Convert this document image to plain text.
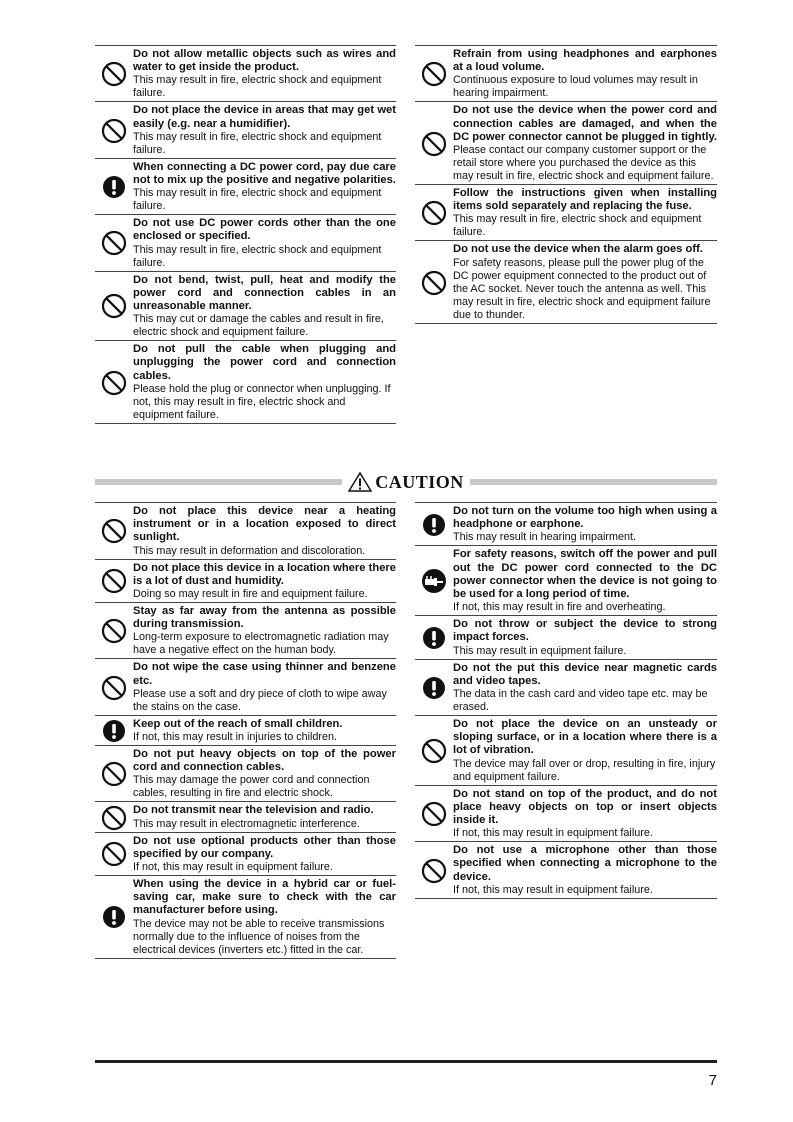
Do not allow metallic objects such as wires and water to get inside the product.
This may result in fire, electric shock and equipment failure.
Do not place the device in areas that may get wet easily (e.g. near a humidifier).
This may result in fire, electric shock and equipment failure.
When connecting a DC power cord, pay due care not to mix up the positive and negative polarities.
This may result in fire, electric shock and equipment failure.
Do not use DC power cords other than the one enclosed or specified.
This may result in fire, electric shock and equipment failure.
Do not bend, twist, pull, heat and modify the power cord and connection cables in an unreasonable manner.
This may cut or damage the cables and result in fire, electric shock and equipment failure.
Do not pull the cable when plugging and unplugging the power cord and connection cables.
Please hold the plug or connector when unplugging. If not, this may result in fire, electric shock and equipment failure.
Refrain from using headphones and earphones at a loud volume.
Continuous exposure to loud volumes may result in hearing impairment.
Do not use the device when the power cord and connection cables are damaged, and when the DC power connector cannot be plugged in tightly.
Please contact our company customer support or the retail store where you purchased the device as this may result in fire, electric shock and equipment failure.
Follow the instructions given when installing items sold separately and replacing the fuse.
This may result in fire, electric shock and equipment failure.
Do not use the device when the alarm goes off.
For safety reasons, please pull the power plug of the DC power equipment connected to the product out of the AC socket. Never touch the antenna as well. This may result in fire, electric shock and equipment failure due to thunder.
CAUTION
Do not place this device near a heating instrument or in a location exposed to direct sunlight.
This may result in deformation and discoloration.
Do not place this device in a location where there is a lot of dust and humidity.
Doing so may result in fire and equipment failure.
Stay as far away from the antenna as possible during transmission.
Long-term exposure to electromagnetic radiation may have a negative effect on the human body.
Do not wipe the case using thinner and benzene etc.
Please use a soft and dry piece of cloth to wipe away the stains on the case.
Keep out of the reach of small children.
If not, this may result in injuries to children.
Do not put heavy objects on top of the power cord and connection cables.
This may damage the power cord and connection cables, resulting in fire and electric shock.
Do not transmit near the television and radio.
This may result in electromagnetic interference.
Do not use optional products other than those specified by our company.
If not, this may result in equipment failure.
When using the device in a hybrid car or fuel-saving car, make sure to check with the car manufacturer before using.
The device may not be able to receive transmissions normally due to the influence of noises from the electrical devices (inverters etc.) fitted in the car.
Do not turn on the volume too high when using a headphone or earphone.
This may result in hearing impairment.
For safety reasons, switch off the power and pull out the DC power cord connected to the DC power connector when the device is not going to be used for a long period of time.
If not, this may result in fire and overheating.
Do not throw or subject the device to strong impact forces.
This may result in equipment failure.
Do not the put this device near magnetic cards and video tapes.
The data in the cash card and video tape etc. may be erased.
Do not place the device on an unsteady or sloping surface, or in a location where there is a lot of vibration.
The device may fall over or drop, resulting in fire, injury and equipment failure.
Do not stand on top of the product, and do not place heavy objects on top or insert objects inside it.
If not, this may result in equipment failure.
Do not use a microphone other than those specified when connecting a microphone to the device.
If not, this may result in equipment failure.
7
